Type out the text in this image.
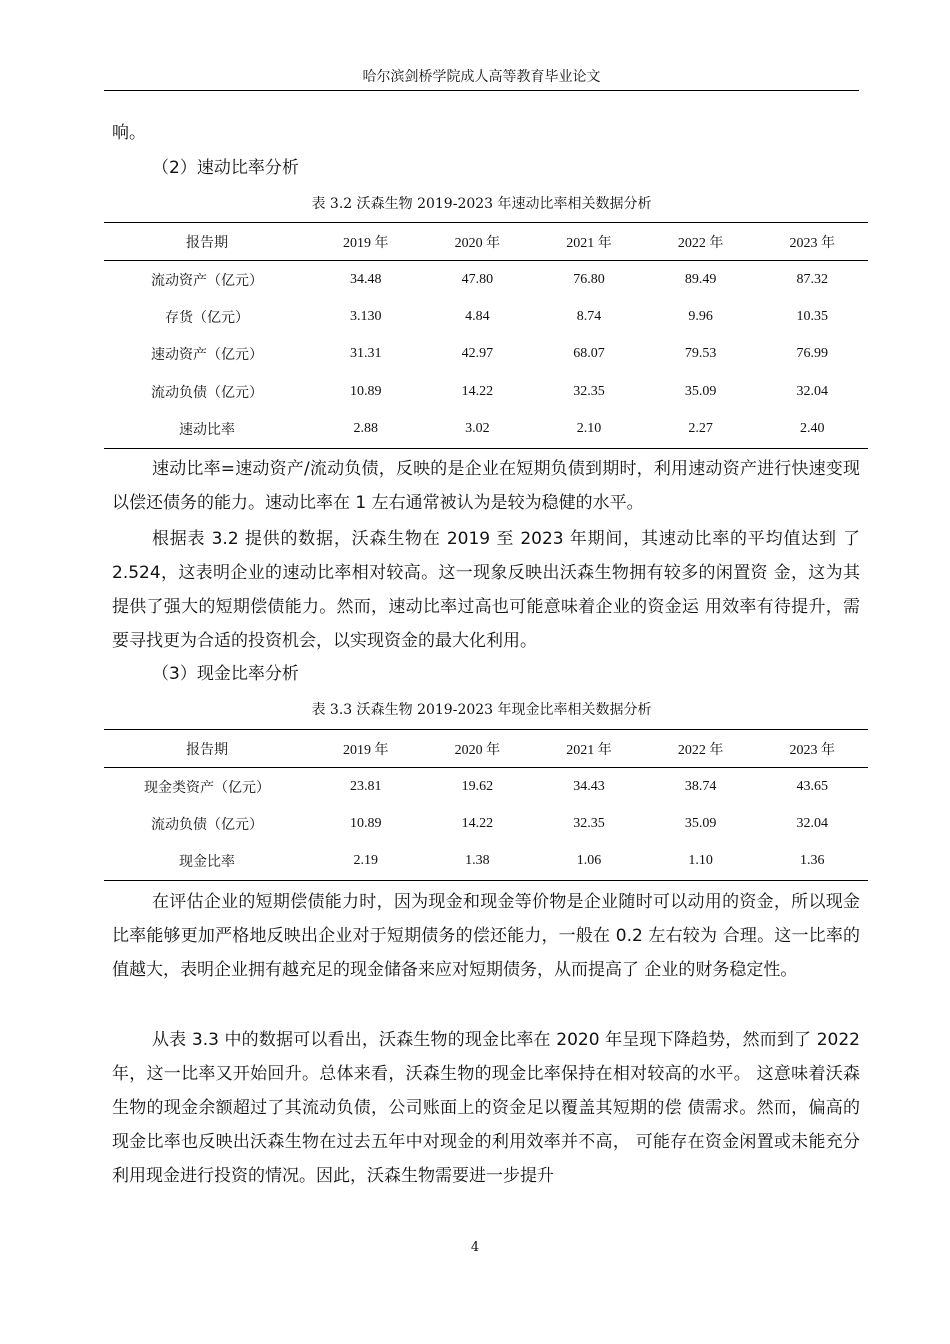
哈尔滨剑桥学院成人高等教育毕业论文
响。
（2）速动比率分析
表 3.2 沃森生物 2019-2023 年速动比率相关数据分析
报告期	2019 年	2020 年	2021 年	2022 年	2023 年
流动资产（亿元）	34.48	47.80	76.80	89.49	87.32
存货（亿元）	3.130	4.84	8.74	9.96	10.35
速动资产（亿元）	31.31	42.97	68.07	79.53	76.99
流动负债（亿元）	10.89	14.22	32.35	35.09	32.04
速动比率	2.88	3.02	2.10	2.27	2.40
速动比率=速动资产/流动负债，反映的是企业在短期负债到期时，利用速动资产进行快速变现以偿还债务的能力。速动比率在 1 左右通常被认为是较为稳健的水平。
根据表 3.2 提供的数据，沃森生物在 2019 至 2023 年期间，其速动比率的平均值达到 了 2.524，这表明企业的速动比率相对较高。这一现象反映出沃森生物拥有较多的闲置资 金，这为其提供了强大的短期偿债能力。然而，速动比率过高也可能意味着企业的资金运 用效率有待提升，需要寻找更为合适的投资机会，以实现资金的最大化利用。
（3）现金比率分析
表 3.3 沃森生物 2019-2023 年现金比率相关数据分析
报告期	2019 年	2020 年	2021 年	2022 年	2023 年
现金类资产（亿元）	23.81	19.62	34.43	38.74	43.65
流动负债（亿元）	10.89	14.22	32.35	35.09	32.04
现金比率	2.19	1.38	1.06	1.10	1.36
在评估企业的短期偿债能力时，因为现金和现金等价物是企业随时可以动用的资金，所以现金比率能够更加严格地反映出企业对于短期债务的偿还能力，一般在 0.2 左右较为 合理。这一比率的值越大，表明企业拥有越充足的现金储备来应对短期债务，从而提高了 企业的财务稳定性。
从表 3.3 中的数据可以看出，沃森生物的现金比率在 2020 年呈现下降趋势，然而到了 2022 年，这一比率又开始回升。总体来看，沃森生物的现金比率保持在相对较高的水平。 这意味着沃森生物的现金余额超过了其流动负债，公司账面上的资金足以覆盖其短期的偿 债需求。然而，偏高的现金比率也反映出沃森生物在过去五年中对现金的利用效率并不高， 可能存在资金闲置或未能充分利用现金进行投资的情况。因此，沃森生物需要进一步提升
4
